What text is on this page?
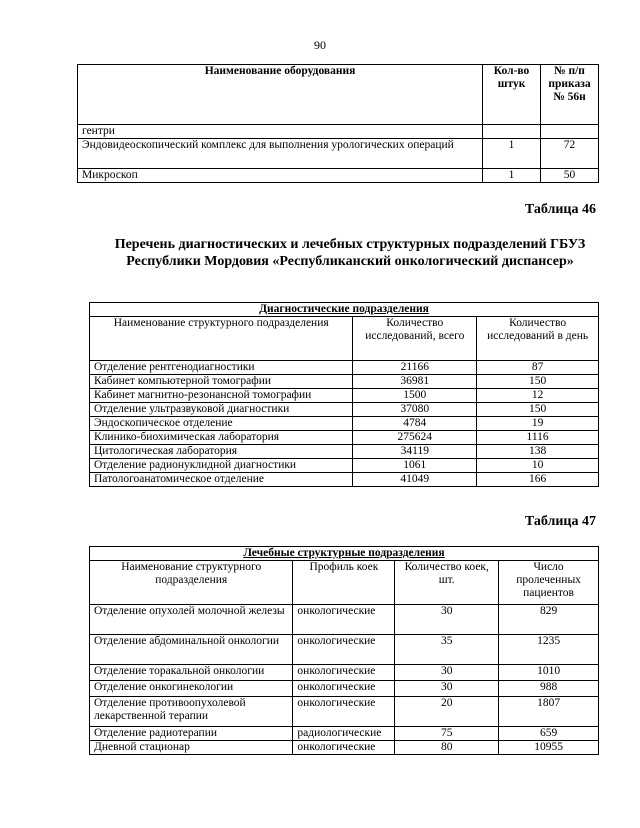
90
Наименование оборудования	Кол-во штук	№ п/п приказа № 56н
гентри		
Эндовидеоскопический комплекс для выполнения урологических операций	1	72
Микроскоп	1	50
Таблица 46
Перечень диагностических и лечебных структурных подразделений ГБУЗ Республики Мордовия «Республиканский онкологический диспансер»
Диагностические подразделения		
Наименование структурного подразделения	Количество исследований, всего	Количество исследований в день
Отделение рентгенодиагностики	21166	87
Кабинет компьютерной томографии	36981	150
Кабинет магнитно-резонансной томографии	1500	12
Отделение ультразвуковой диагностики	37080	150
Эндоскопическое отделение	4784	19
Клинико-биохимическая лаборатория	275624	1116
Цитологическая лаборатория	34119	138
Отделение радионуклидной диагностики	1061	10
Патологоанатомическое отделение	41049	166
Таблица 47
Лечебные структурные подразделения			
Наименование структурного подразделения	Профиль коек	Количество коек, шт.	Число пролеченных пациентов
Отделение опухолей молочной железы	онкологические	30	829
Отделение абдоминальной онкологии	онкологические	35	1235
Отделение торакальной онкологии	онкологические	30	1010
Отделение онкогинекологии	онкологические	30	988
Отделение противоопухолевой лекарственной терапии	онкологические	20	1807
Отделение радиотерапии	радиологические	75	659
Дневной стационар	онкологические	80	10955
